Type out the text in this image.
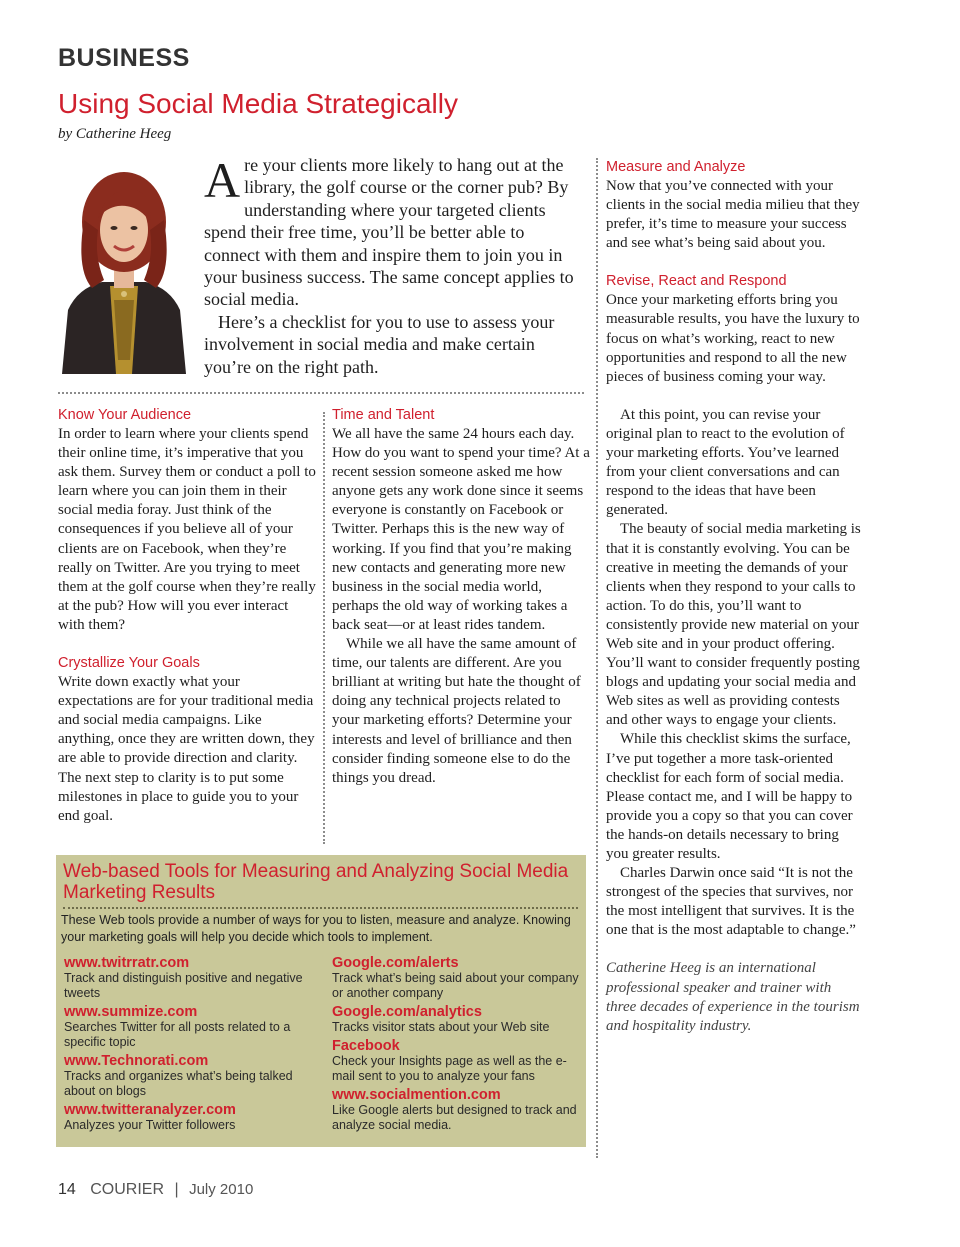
BUSINESS
Using Social Media Strategically
by Catherine Heeg

Are your clients more likely to hang out at the library, the golf course or the corner pub? By understanding where your targeted clients spend their free time, you’ll be better able to connect with them and inspire them to join you in your business success. The same concept applies to social media.

Here’s a checklist for you to use to assess your involvement in social media and make certain you’re on the right path.

Know Your Audience

In order to learn where your clients spend their online time, it’s imperative that you ask them. Survey them or conduct a poll to learn where you can join them in their social media foray. Just think of the consequences if you believe all of your clients are on Facebook, when they’re really on Twitter. Are you trying to meet them at the golf course when they’re really at the pub? How will you ever interact with them?

Crystallize Your Goals

Write down exactly what your expectations are for your traditional media and social media campaigns. Like anything, once they are written down, they are able to provide direction and clarity. The next step to clarity is to put some milestones in place to guide you to your end goal.

Time and Talent

We all have the same 24 hours each day. How do you want to spend your time? At a recent session someone asked me how anyone gets any work done since it seems everyone is constantly on Facebook or Twitter. Perhaps this is the new way of working. If you find that you’re making new contacts and generating more new business in the social media world, perhaps the old way of working takes a back seat—or at least rides tandem.

While we all have the same amount of time, our talents are different. Are you brilliant at writing but hate the thought of doing any technical projects related to your marketing efforts? Determine your interests and level of brilliance and then consider finding someone else to do the things you dread.

Measure and Analyze

Now that you’ve connected with your clients in the social media milieu that they prefer, it’s time to measure your success and see what’s being said about you.

Revise, React and Respond

Once your marketing efforts bring you measurable results, you have the luxury to focus on what’s working, react to new opportunities and respond to all the new pieces of business coming your way.

At this point, you can revise your original plan to react to the evolution of your marketing efforts. You’ve learned from your client conversations and can respond to the ideas that have been generated.

The beauty of social media marketing is that it is constantly evolving. You can be creative in meeting the demands of your clients when they respond to your calls to action. To do this, you’ll want to consistently provide new material on your Web site and in your product offering. You’ll want to consider frequently posting blogs and updating your social media and Web sites as well as providing contests and other ways to engage your clients.

While this checklist skims the surface, I’ve put together a more task-oriented checklist for each form of social media. Please contact me, and I will be happy to provide you a copy so that you can cover the hands-on details necessary to bring you greater results.

Charles Darwin once said “It is not the strongest of the species that survives, nor the most intelligent that survives. It is the one that is the most adaptable to change.”

Catherine Heeg is an international professional speaker and trainer with three decades of experience in the tourism and hospitality industry.

Web-based Tools for Measuring and Analyzing Social Media Marketing Results
These Web tools provide a number of ways for you to listen, measure and analyze. Knowing your marketing goals will help you decide which tools to implement.
www.twitrratr.com
Track and distinguish positive and negative tweets
www.summize.com
Searches Twitter for all posts related to a specific topic
www.Technorati.com
Tracks and organizes what’s being talked about on blogs
www.twitteranalyzer.com
Analyzes your Twitter followers
Google.com/alerts
Track what’s being said about your company or another company
Google.com/analytics
Tracks visitor stats about your Web site
Facebook
Check your Insights page as well as the e-mail sent to you to analyze your fans
www.socialmention.com
Like Google alerts but designed to track and analyze social media.
14 COURIER | July 2010
